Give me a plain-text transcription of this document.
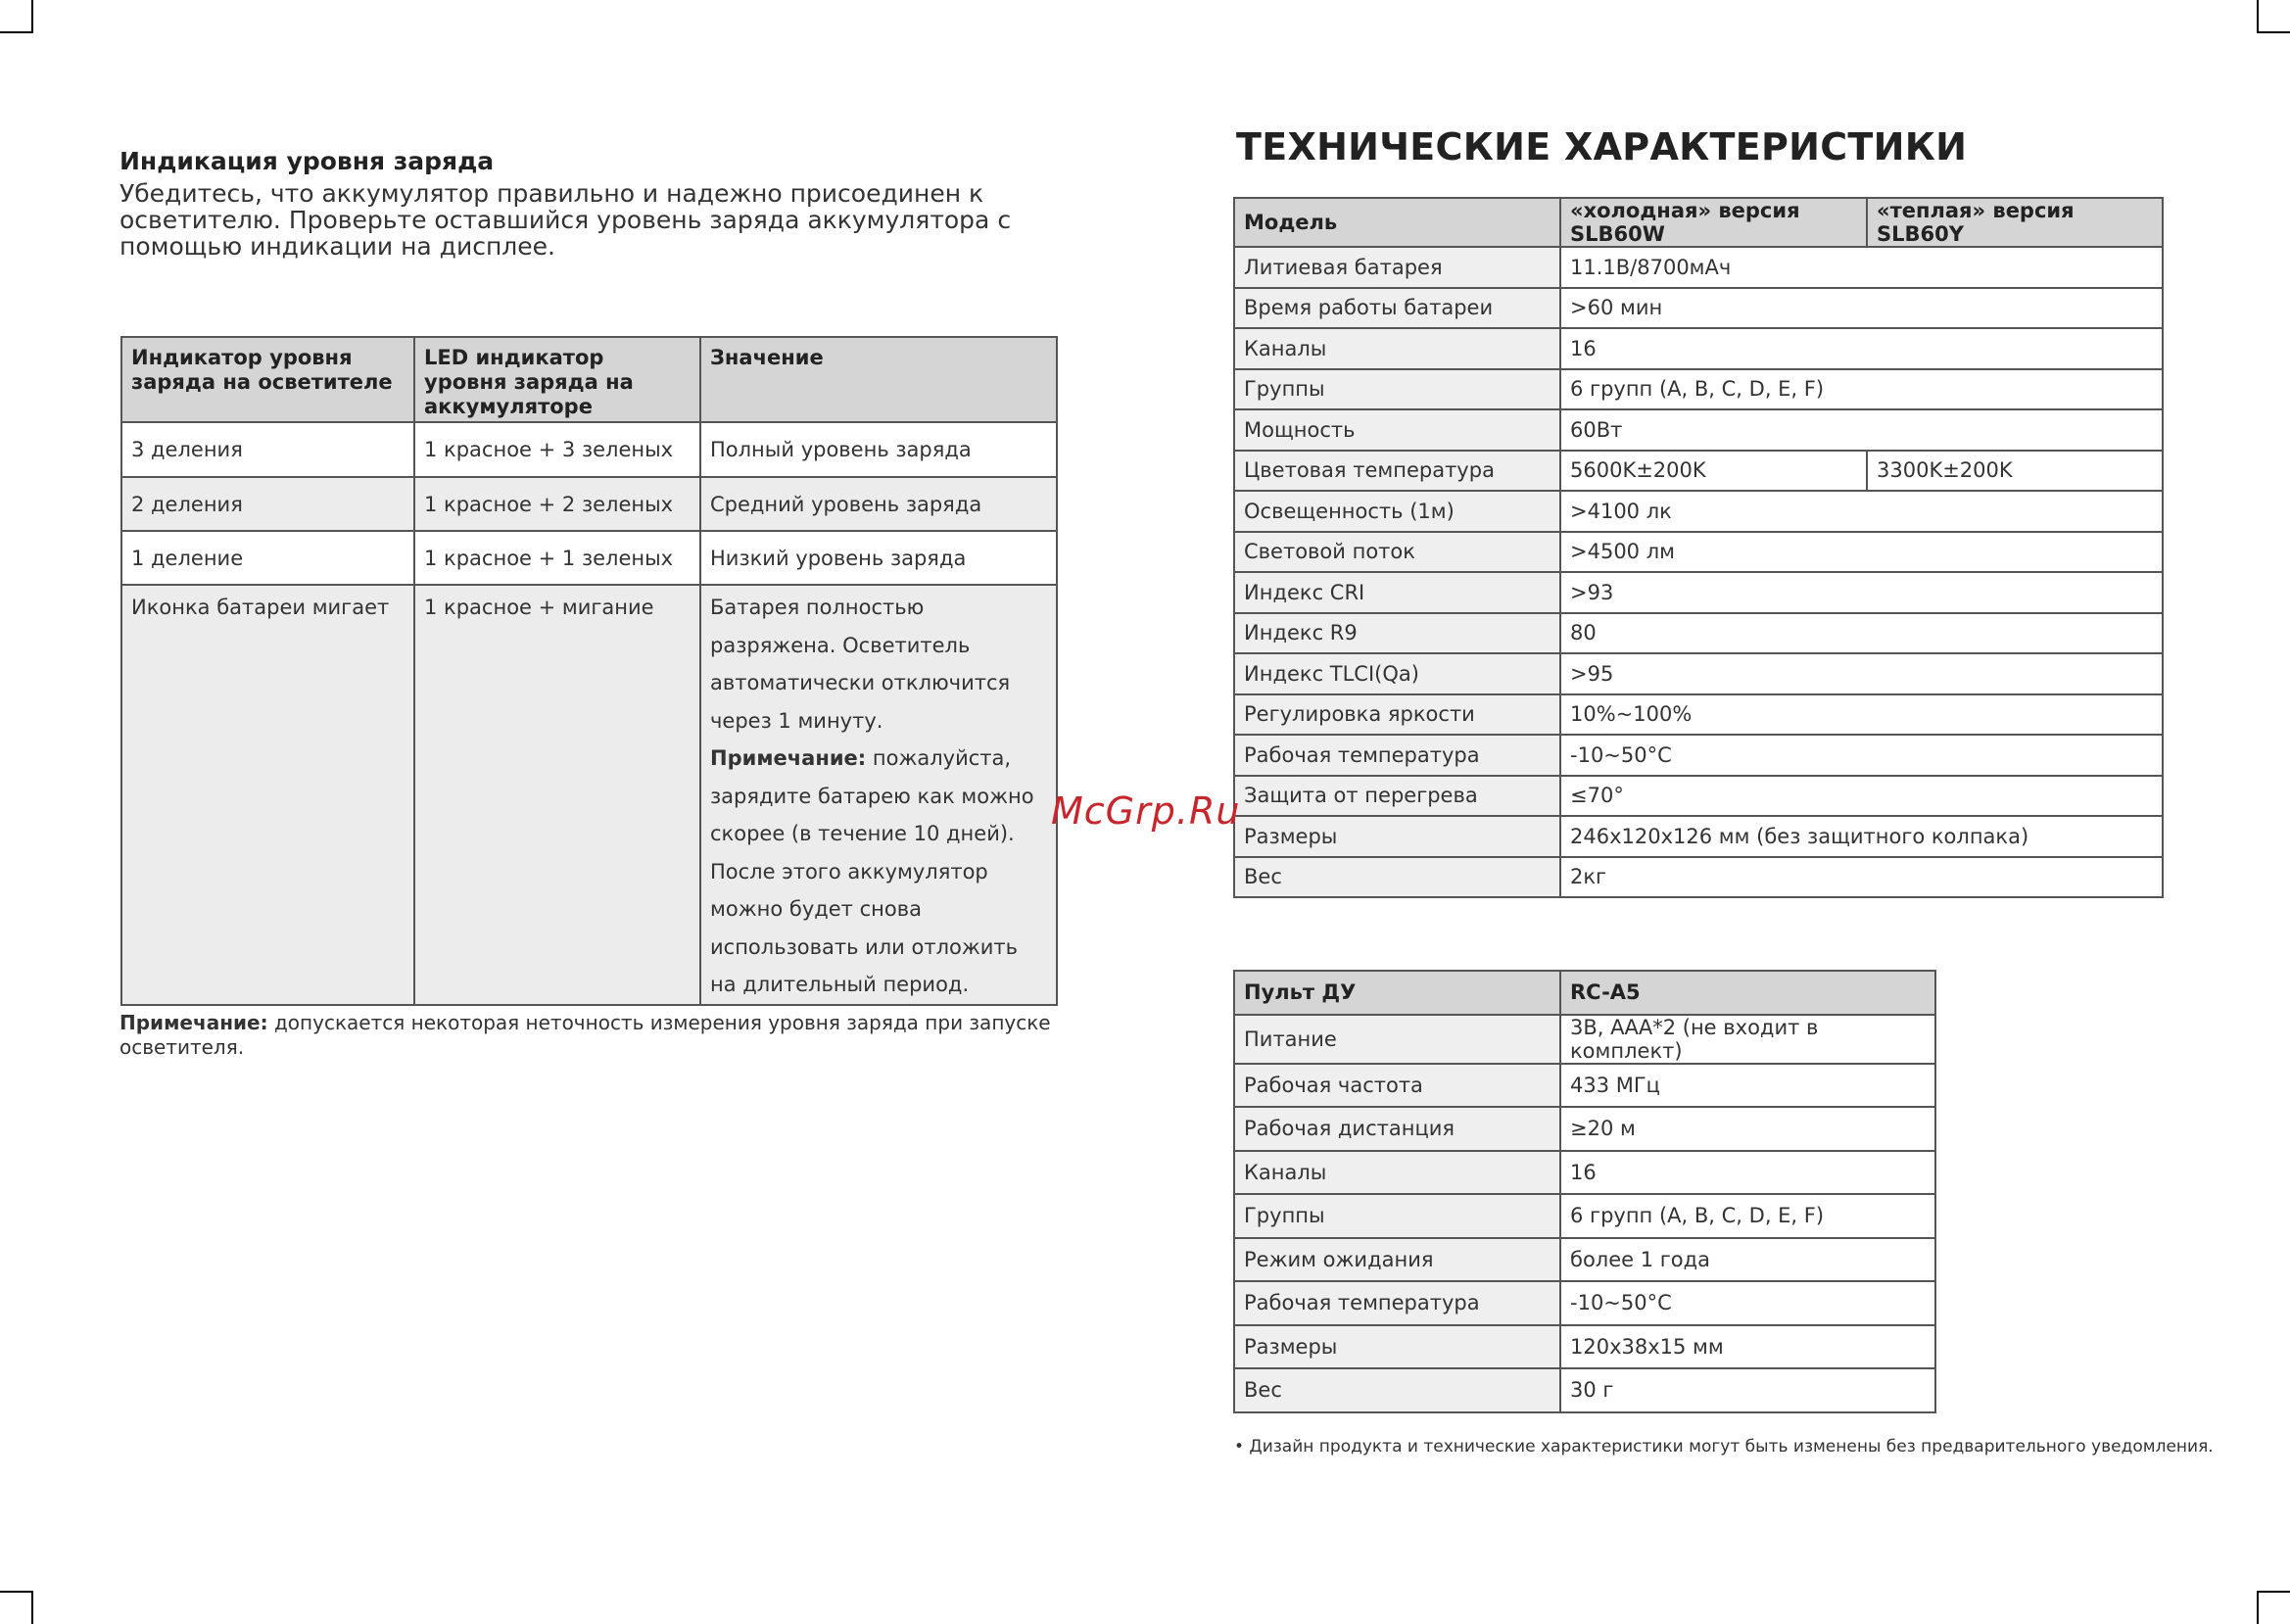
Индикация уровня заряда
Убедитесь, что аккумулятор правильно и надежно присоединен к осветителю. Проверьте оставшийся уровень заряда аккумулятора с помощью индикации на дисплее.
Индикатор уровня заряда на осветителе	LED индикатор уровня заряда на аккумуляторе	Значение
3 деления	1 красное + 3 зеленых	Полный уровень заряда
2 деления	1 красное + 2 зеленых	Средний уровень заряда
1 деление	1 красное + 1 зеленых	Низкий уровень заряда
Иконка батареи мигает	1 красное + мигание	Батарея полностью разряжена. Осветитель автоматически отключится через 1 минуту.
Примечание: пожалуйста, зарядите батарею как можно скорее (в течение 10 дней). После этого аккумулятор можно будет снова использовать или отложить на длительный период.
Примечание: допускается некоторая неточность измерения уровня заряда при запуске осветителя.
ТЕХНИЧЕСКИЕ ХАРАКТЕРИСТИКИ
Модель	«холодная» версия SLB60W	«теплая» версия SLB60Y
Литиевая батарея	11.1В/8700мАч	
Время работы батареи	>60 мин	
Каналы	16	
Группы	6 групп (A, B, C, D, E, F)	
Мощность	60Вт	
Цветовая температура	5600K±200K	3300K±200K
Освещенность (1м)	>4100 лк	
Световой поток	>4500 лм	
Индекс CRI	>93	
Индекс R9	80	
Индекс TLCI(Qa)	>95	
Регулировка яркости	10%~100%	
Рабочая температура	-10~50°C	
Защита от перегрева	≤70°	
Размеры	246x120x126 мм (без защитного колпака)	
Вес	2кг	
Пульт ДУ	RC-A5
Питание	3В, ААА*2 (не входит в комплект)
Рабочая частота	433 МГц
Рабочая дистанция	≥20 м
Каналы	16
Группы	6 групп (A, B, C, D, E, F)
Режим ожидания	более 1 года
Рабочая температура	-10~50°C
Размеры	120x38x15 мм
Вес	30 г
• Дизайн продукта и технические характеристики могут быть изменены без предварительного уведомления.
McGrp.Ru
